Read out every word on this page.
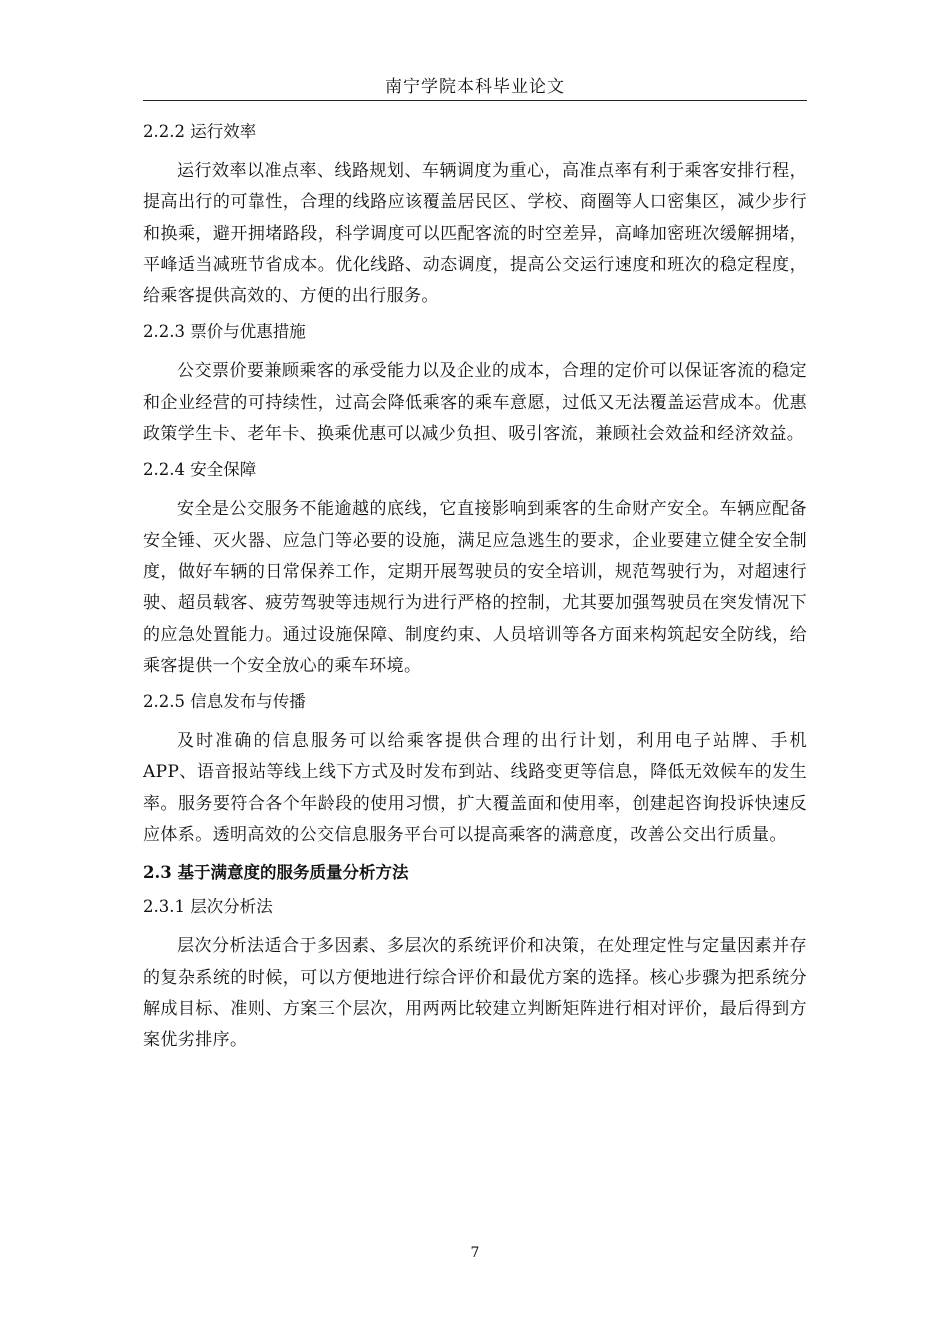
南宁学院本科毕业论文
2.2.2 运行效率

运行效率以准点率、线路规划、车辆调度为重心，高准点率有利于乘客安排行程，提高出行的可靠性，合理的线路应该覆盖居民区、学校、商圈等人口密集区，减少步行和换乘，避开拥堵路段，科学调度可以匹配客流的时空差异，高峰加密班次缓解拥堵，平峰适当减班节省成本。优化线路、动态调度，提高公交运行速度和班次的稳定程度，给乘客提供高效的、方便的出行服务。

2.2.3 票价与优惠措施

公交票价要兼顾乘客的承受能力以及企业的成本，合理的定价可以保证客流的稳定和企业经营的可持续性，过高会降低乘客的乘车意愿，过低又无法覆盖运营成本。优惠政策学生卡、老年卡、换乘优惠可以减少负担、吸引客流，兼顾社会效益和经济效益。

2.2.4 安全保障

安全是公交服务不能逾越的底线，它直接影响到乘客的生命财产安全。车辆应配备安全锤、灭火器、应急门等必要的设施，满足应急逃生的要求，企业要建立健全安全制度，做好车辆的日常保养工作，定期开展驾驶员的安全培训，规范驾驶行为，对超速行驶、超员载客、疲劳驾驶等违规行为进行严格的控制，尤其要加强驾驶员在突发情况下的应急处置能力。通过设施保障、制度约束、人员培训等各方面来构筑起安全防线，给乘客提供一个安全放心的乘车环境。

2.2.5 信息发布与传播

及时准确的信息服务可以给乘客提供合理的出行计划，利用电子站牌、手机 APP、语音报站等线上线下方式及时发布到站、线路变更等信息，降低无效候车的发生率。服务要符合各个年龄段的使用习惯，扩大覆盖面和使用率，创建起咨询投诉快速反应体系。透明高效的公交信息服务平台可以提高乘客的满意度，改善公交出行质量。

2.3 基于满意度的服务质量分析方法
2.3.1 层次分析法

层次分析法适合于多因素、多层次的系统评价和决策，在处理定性与定量因素并存的复杂系统的时候，可以方便地进行综合评价和最优方案的选择。核心步骤为把系统分解成目标、准则、方案三个层次，用两两比较建立判断矩阵进行相对评价，最后得到方案优劣排序。

7
